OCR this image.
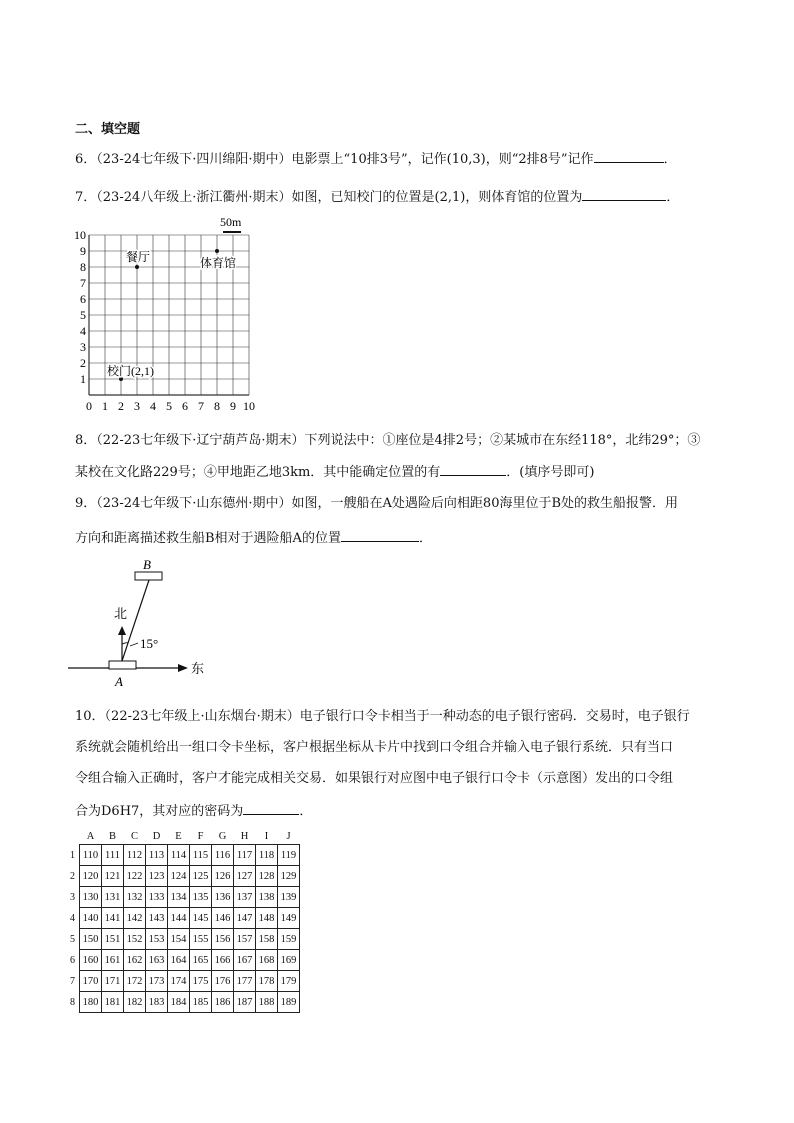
二、填空题
6．（23-24七年级下·四川绵阳·期中）电影票上“10排3号”，记作(10,3)，则“2排8号”记作	．
7．（23-24八年级上·浙江衢州·期末）如图，已知校门的位置是(2,1)，则体育馆的位置为	．
0 1 2 3 4 5 6 7 8 9 10
1
2
3
4
5
6
7
8
9
10
校门(2,1)
餐厅	体育馆
50m
8．（22-23七年级下·辽宁葫芦岛·期末）下列说法中：①座位是4排2号；②某城市在东经118°，北纬29°；③
某校在文化路229号；④甲地距乙地3km．其中能确定位置的有	．(填序号即可)
9．（23-24七年级下·山东德州·期中）如图，一艘船在A处遇险后向相距80海里位于B处的救生船报警．用
方向和距离描述救生船B相对于遇险船A的位置	．
B
北
15°
东
A
10．（22-23七年级上·山东烟台·期末）电子银行口令卡相当于一种动态的电子银行密码．交易时，电子银行
系统就会随机给出一组口令卡坐标，客户根据坐标从卡片中找到口令组合并输入电子银行系统．只有当口
令组合输入正确时，客户才能完成相关交易．如果银行对应图中电子银行口令卡（示意图）发出的口令组
合为D6H7，其对应的密码为	．
	A	B	C	D	E	F	G	H	I	J
1	110	111	112	113	114	115	116	117	118	119
2	120	121	122	123	124	125	126	127	128	129
3	130	131	132	133	134	135	136	137	138	139
4	140	141	142	143	144	145	146	147	148	149
5	150	151	152	153	154	155	156	157	158	159
6	160	161	162	163	164	165	166	167	168	169
7	170	171	172	173	174	175	176	177	178	179
8	180	181	182	183	184	185	186	187	188	189
